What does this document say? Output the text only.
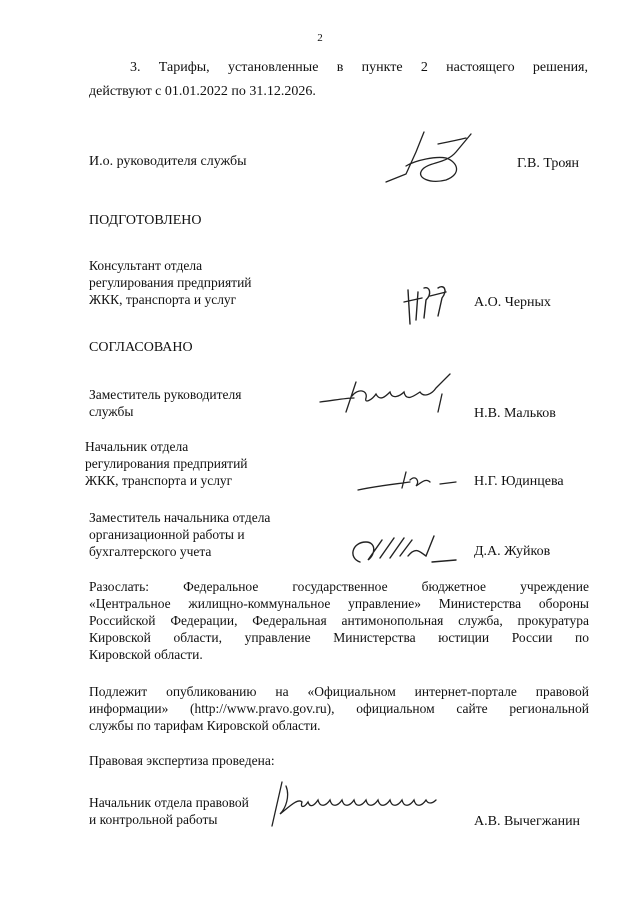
2
3. Тарифы, установленные в пункте 2 настоящего решения,
действуют с 01.01.2022 по 31.12.2026.
И.о. руководителя службы	Г.В. Троян
ПОДГОТОВЛЕНО
Консультант отдела
регулирования предприятий
ЖКК, транспорта и услуг	А.О. Черных
СОГЛАСОВАНО
Заместитель руководителя
службы	Н.В. Мальков
Начальник отдела
регулирования предприятий
ЖКК, транспорта и услуг	Н.Г. Юдинцева
Заместитель начальника отдела
организационной работы и
бухгалтерского учета	Д.А. Жуйков
Разослать: Федеральное государственное бюджетное учреждение
«Центральное жилищно-коммунальное управление» Министерства обороны
Российской Федерации, Федеральная антимонопольная служба, прокуратура
Кировской области, управление Министерства юстиции России по
Кировской области.
Подлежит опубликованию на «Официальном интернет-портале правовой
информации» (http://www.pravo.gov.ru), официальном сайте региональной
службы по тарифам Кировской области.
Правовая экспертиза проведена:
Начальник отдела правовой
и контрольной работы	А.В. Вычегжанин
